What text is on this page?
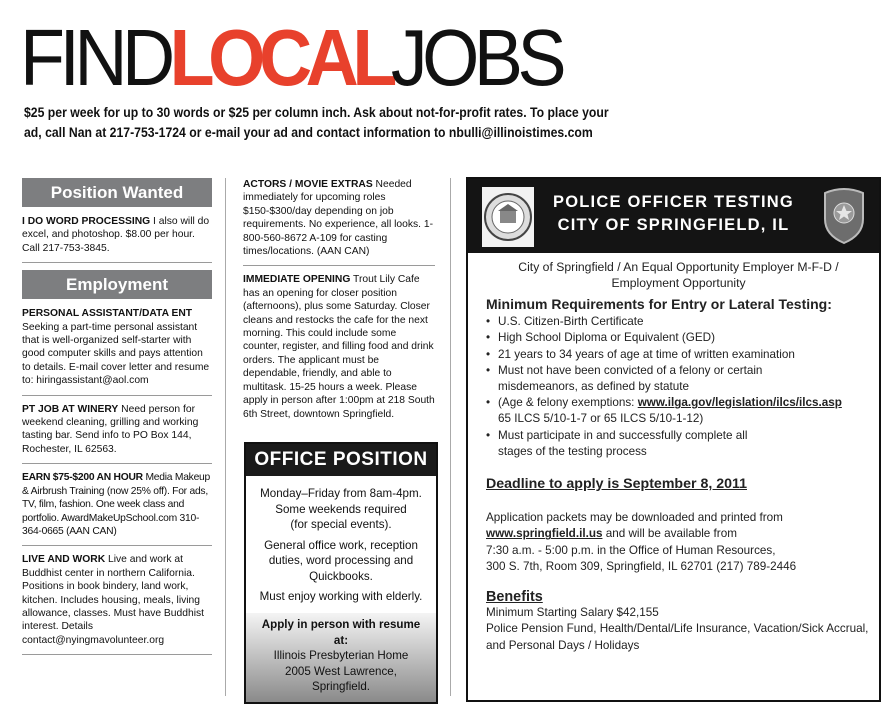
FINDLOCALJOBS
$25 per week for up to 30 words or $25 per column inch. Ask about not-for-profit rates. To place your
ad, call Nan at 217-753-1724 or e-mail your ad and contact information to nbulli@illinoistimes.com
Position Wanted

I DO WORD PROCESSING I also will do excel, and photoshop. $8.00 per hour. Call 217-753-3845.

Employment

PERSONAL ASSISTANT/DATA ENT

Seeking a part-time personal assistant that is well-organized self-starter with good computer skills and pays attention to details. E-mail cover letter and resume to: hiringassistant@aol.com

PT JOB AT WINERY Need person for weekend cleaning, grilling and working tasting bar. Send info to PO Box 144, Rochester, IL 62563.

EARN $75-$200 AN HOUR Media Makeup & Airbrush Training (now 25% off). For ads, TV, film, fashion. One week class and portfolio. AwardMakeUpSchool.com 310-364-0665 (AAN CAN)

LIVE AND WORK Live and work at Buddhist center in northern California. Positions in book bindery, land work, kitchen. Includes housing, meals, living allowance, classes. Must have Buddhist interest. Details contact@nyingmavolunteer.org

ACTORS / MOVIE EXTRAS Needed immediately for upcoming roles $150-$300/day depending on job requirements. No experience, all looks. 1-800-560-8672 A-109 for casting times/locations. (AAN CAN)

IMMEDIATE OPENING Trout Lily Cafe has an opening for closer position (afternoons), plus some Saturday. Closer cleans and restocks the cafe for the next morning. This could include some counter, register, and filling food and drink orders. The applicant must be dependable, friendly, and able to multitask. 15-25 hours a week. Please apply in person after 1:00pm at 218 South 6th Street, downtown Springfield.

OFFICE POSITION
Monday–Friday from 8am-4pm.
Some weekends required
(for special events).
General office work, reception duties, word processing and Quickbooks.
Must enjoy working with elderly.
Apply in person with resume at:
Illinois Presbyterian Home
2005 West Lawrence,
Springfield.
POLICE OFFICER TESTING
CITY OF SPRINGFIELD, IL
City of Springfield / An Equal Opportunity Employer M-F-D /
Employment Opportunity
Minimum Requirements for Entry or Lateral Testing:
• U.S. Citizen-Birth Certificate
• High School Diploma or Equivalent (GED)
• 21 years to 34 years of age at time of written examination
• Must not have been convicted of a felony or certain
misdemeanors, as defined by statute
• (Age & felony exemptions: www.ilga.gov/legislation/ilcs/ilcs.asp
65 ILCS 5/10-1-7 or 65 ILCS 5/10-1-12)
• Must participate in and successfully complete all
stages of the testing process
Deadline to apply is September 8, 2011
Application packets may be downloaded and printed from
www.springfield.il.us and will be available from
7:30 a.m. - 5:00 p.m. in the Office of Human Resources,
300 S. 7th, Room 309, Springfield, IL 62701 (217) 789-2446
Benefits
Minimum Starting Salary $42,155
Police Pension Fund, Health/Dental/Life Insurance, Vacation/Sick Accrual,
and Personal Days / Holidays
